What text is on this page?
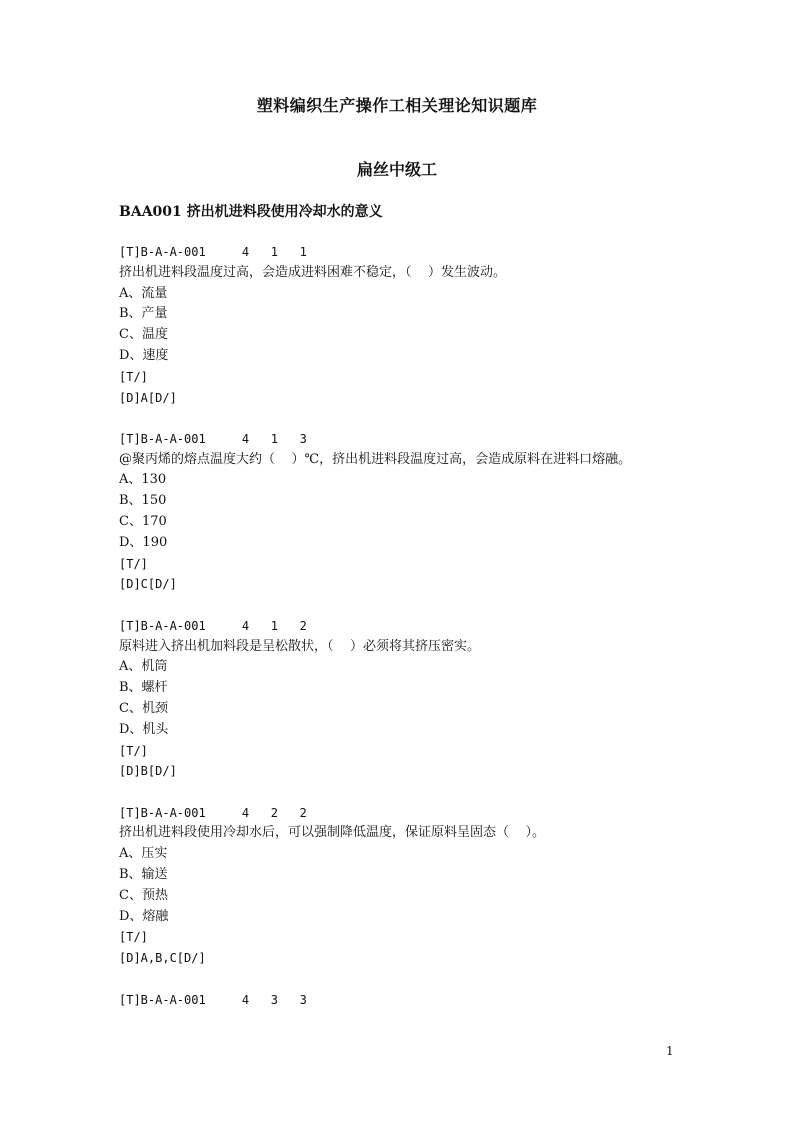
塑料编织生产操作工相关理论知识题库
扁丝中级工
BAA001 挤出机进料段使用冷却水的意义
[T]B-A-A-001     4   1   1
挤出机进料段温度过高，会造成进料困难不稳定，（    ）发生波动。
A、流量
B、产量
C、温度
D、速度
[T/]
[D]A[D/]
[T]B-A-A-001     4   1   3
@聚丙烯的熔点温度大约（    ）℃，挤出机进料段温度过高，会造成原料在进料口熔融。
A、130
B、150
C、170
D、190
[T/]
[D]C[D/]
[T]B-A-A-001     4   1   2
原料进入挤出机加料段是呈松散状，（    ）必须将其挤压密实。
A、机筒
B、螺杆
C、机颈
D、机头
[T/]
[D]B[D/]
[T]B-A-A-001     4   2   2
挤出机进料段使用冷却水后，可以强制降低温度，保证原料呈固态（    ）。
A、压实
B、输送
C、预热
D、熔融
[T/]
[D]A,B,C[D/]
[T]B-A-A-001     4   3   3
1
